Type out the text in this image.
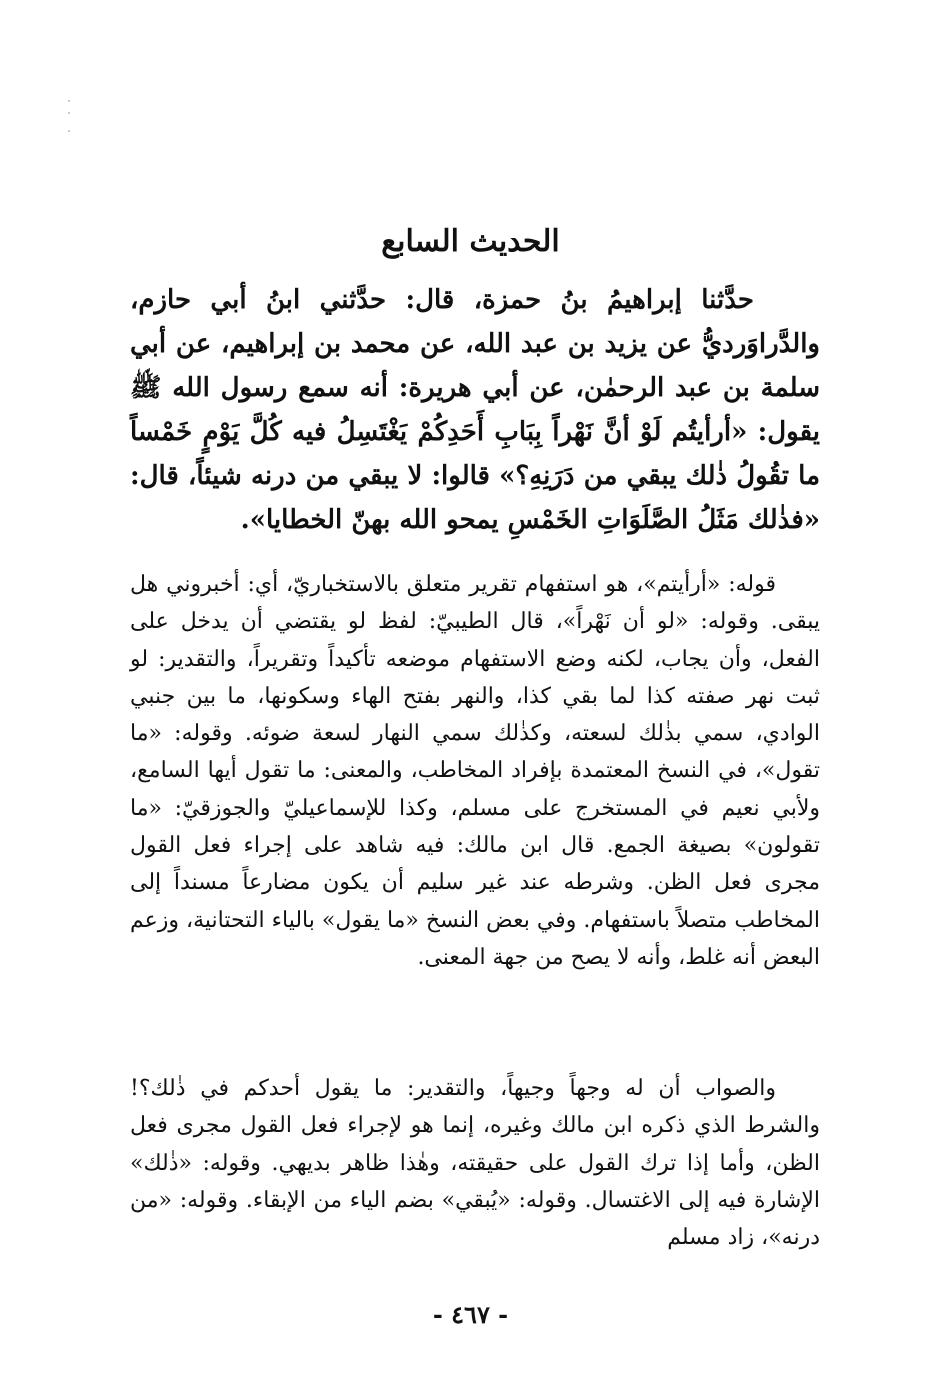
الحديث السابع

حدَّثنا إبراهيمُ بنُ حمزة، قال: حدَّثني ابنُ أبي حازم، والدَّراوَرديُّ عن يزيد بن عبد الله، عن محمد بن إبراهيم، عن أبي سلمة بن عبد الرحمٰن، عن أبي هريرة: أنه سمع رسول الله ﷺ يقول: «أرأيتُم لَوْ أنَّ نَهْراً بِبَابِ أَحَدِكُمْ يَغْتَسِلُ فيه كُلَّ يَوْمٍ خَمْساً ما تقُولُ ذٰلك يبقي من دَرَنِهِ؟» قالوا: لا يبقي من درنه شيئاً، قال: «فذٰلك مَثَلُ الصَّلَوَاتِ الخَمْسِ يمحو الله بهنّ الخطايا».

قوله: «أرأيتم»، هو استفهام تقرير متعلق بالاستخباريّ، أي: أخبروني هل يبقى. وقوله: «لو أن نَهْراً»، قال الطيبيّ: لفظ لو يقتضي أن يدخل على الفعل، وأن يجاب، لكنه وضع الاستفهام موضعه تأكيداً وتقريراً، والتقدير: لو ثبت نهر صفته كذا لما بقي كذا، والنهر بفتح الهاء وسكونها، ما بين جنبي الوادي، سمي بذٰلك لسعته، وكذٰلك سمي النهار لسعة ضوئه. وقوله: «ما تقول»، في النسخ المعتمدة بإفراد المخاطب، والمعنى: ما تقول أيها السامع، ولأبي نعيم في المستخرج على مسلم، وكذا للإسماعيليّ والجوزقيّ: «ما تقولون» بصيغة الجمع. قال ابن مالك: فيه شاهد على إجراء فعل القول مجرى فعل الظن. وشرطه عند غير سليم أن يكون مضارعاً مسنداً إلى المخاطب متصلاً باستفهام. وفي بعض النسخ «ما يقول» بالياء التحتانية، وزعم البعض أنه غلط، وأنه لا يصح من جهة المعنى.

والصواب أن له وجهاً وجيهاً، والتقدير: ما يقول أحدكم في ذٰلك؟! والشرط الذي ذكره ابن مالك وغيره، إنما هو لإجراء فعل القول مجرى فعل الظن، وأما إذا ترك القول على حقيقته، وهٰذا ظاهر بديهي. وقوله: «ذٰلك» الإشارة فيه إلى الاغتسال. وقوله: «يُبقي» بضم الياء من الإبقاء. وقوله: «من درنه»، زاد مسلم

- ٤٦٧ -
